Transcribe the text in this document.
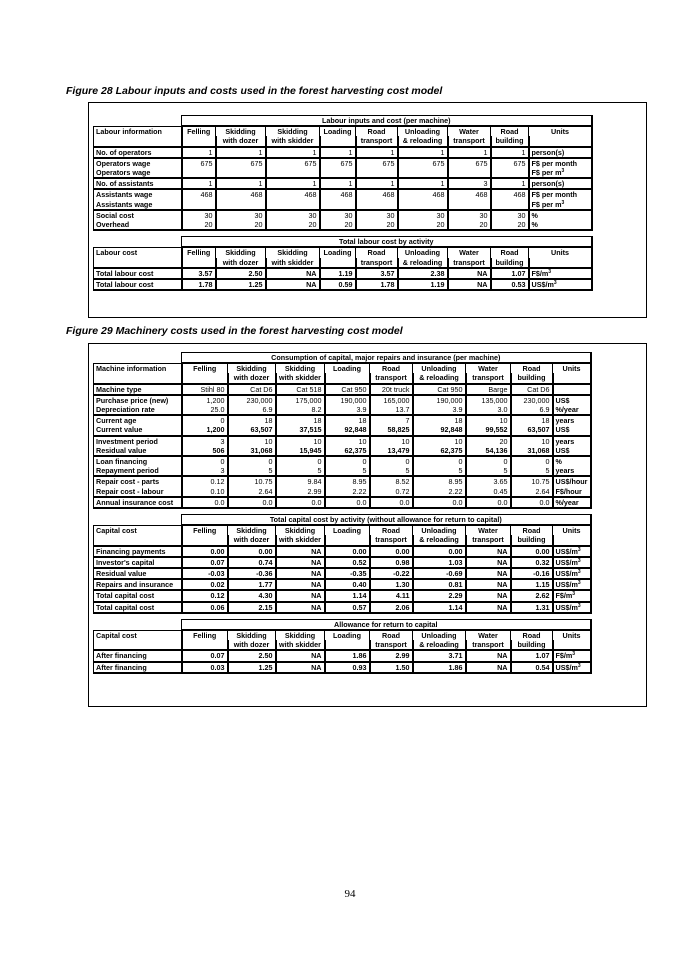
Figure 28 Labour inputs and costs used in the forest harvesting cost model
	Labour inputs and cost (per machine)									
Labour information	Felling	Skidding	Skidding	Loading	Road	Unloading	Water	Road	Units	
		with dozer	with skidder		transport	& reloading	transport	building		
No. of operators	1	1	1	1	1	1	1	1	person(s)	
Operators wage	675	675	675	675	675	675	675	675	F$ per month	
Operators wage									F$ per $m^3$	
No. of assistants	1	1	1	1	1	1	3	1	person(s)	
Assistants wage	468	468	468	468	468	468	468	468	F$ per month	
Assistants wage									F$ per $m^3$	
Social cost	30	30	30	30	30	30	30	30	%	
Overhead	20	20	20	20	20	20	20	20	%	

	Total labour cost by activity									
Labour cost	Felling	Skidding	Skidding	Loading	Road	Unloading	Water	Road	Units	
		with dozer	with skidder		transport	& reloading	transport	building		
Total labour cost	3.57	2.50	NA	1.19	3.57	2.38	NA	1.07	$F\$/m^3$	
Total labour cost	1.78	1.25	NA	0.59	1.78	1.19	NA	0.53	$US\$/m^3$	
Figure 29 Machinery costs used in the forest harvesting cost model
	Consumption of capital, major repairs and insurance (per machine)									
Machine information	Felling	Skidding	Skidding	Loading	Road	Unloading	Water	Road	Units	
		with dozer	with skidder		transport	& reloading	transport	building		
Machine type	Stihl 80	Cat D6	Cat 518	Cat 950	20t truck	Cat 950	Barge	Cat D6		
Purchase price (new)	1,200	230,000	175,000	190,000	165,000	190,000	135,000	230,000	US$	
Depreciation rate	25.0	6.9	8.2	3.9	13.7	3.9	3.0	6.9	%/year	
Current age	0	18	18	18	7	18	10	18	years	
Current value	1,200	63,507	37,515	92,848	58,825	92,848	99,552	63,507	US$	
Investment period	3	10	10	10	10	10	20	10	years	
Residual value	506	31,068	15,945	62,375	13,479	62,375	54,136	31,068	US$	
Loan financing	0	0	0	0	0	0	0	0	%	
Repayment period	3	5	5	5	5	5	5	5	years	
Repair cost - parts	0.12	10.75	9.84	8.95	8.52	8.95	3.65	10.75	US$/hour	
Repair cost - labour	0.10	2.64	2.99	2.22	0.72	2.22	0.45	2.64	F$/hour	
Annual insurance cost	0.0	0.0	0.0	0.0	0.0	0.0	0.0	0.0	%/year	

	Total capital cost by activity (without allowance for return to capital)									
Capital cost	Felling	Skidding	Skidding	Loading	Road	Unloading	Water	Road	Units	
		with dozer	with skidder		transport	& reloading	transport	building		
Financing payments	0.00	0.00	NA	0.00	0.00	0.00	NA	0.00	$US\$/m^3$	
Investor's capital	0.07	0.74	NA	0.52	0.98	1.03	NA	0.32	$US\$/m^3$	
Residual value	-0.03	-0.36	NA	-0.35	-0.22	-0.69	NA	-0.16	$US\$/m^3$	
Repairs and insurance	0.02	1.77	NA	0.40	1.30	0.81	NA	1.15	$US\$/m^3$	
Total capital cost	0.12	4.30	NA	1.14	4.11	2.29	NA	2.62	$F\$/m^3$	
Total capital cost	0.06	2.15	NA	0.57	2.06	1.14	NA	1.31	$US\$/m^3$	

	Allowance for return to capital									
Capital cost	Felling	Skidding	Skidding	Loading	Road	Unloading	Water	Road	Units	
		with dozer	with skidder		transport	& reloading	transport	building		
After financing	0.07	2.50	NA	1.86	2.99	3.71	NA	1.07	$F\$/m^3$	
After financing	0.03	1.25	NA	0.93	1.50	1.86	NA	0.54	$US\$/m^3$	
94
